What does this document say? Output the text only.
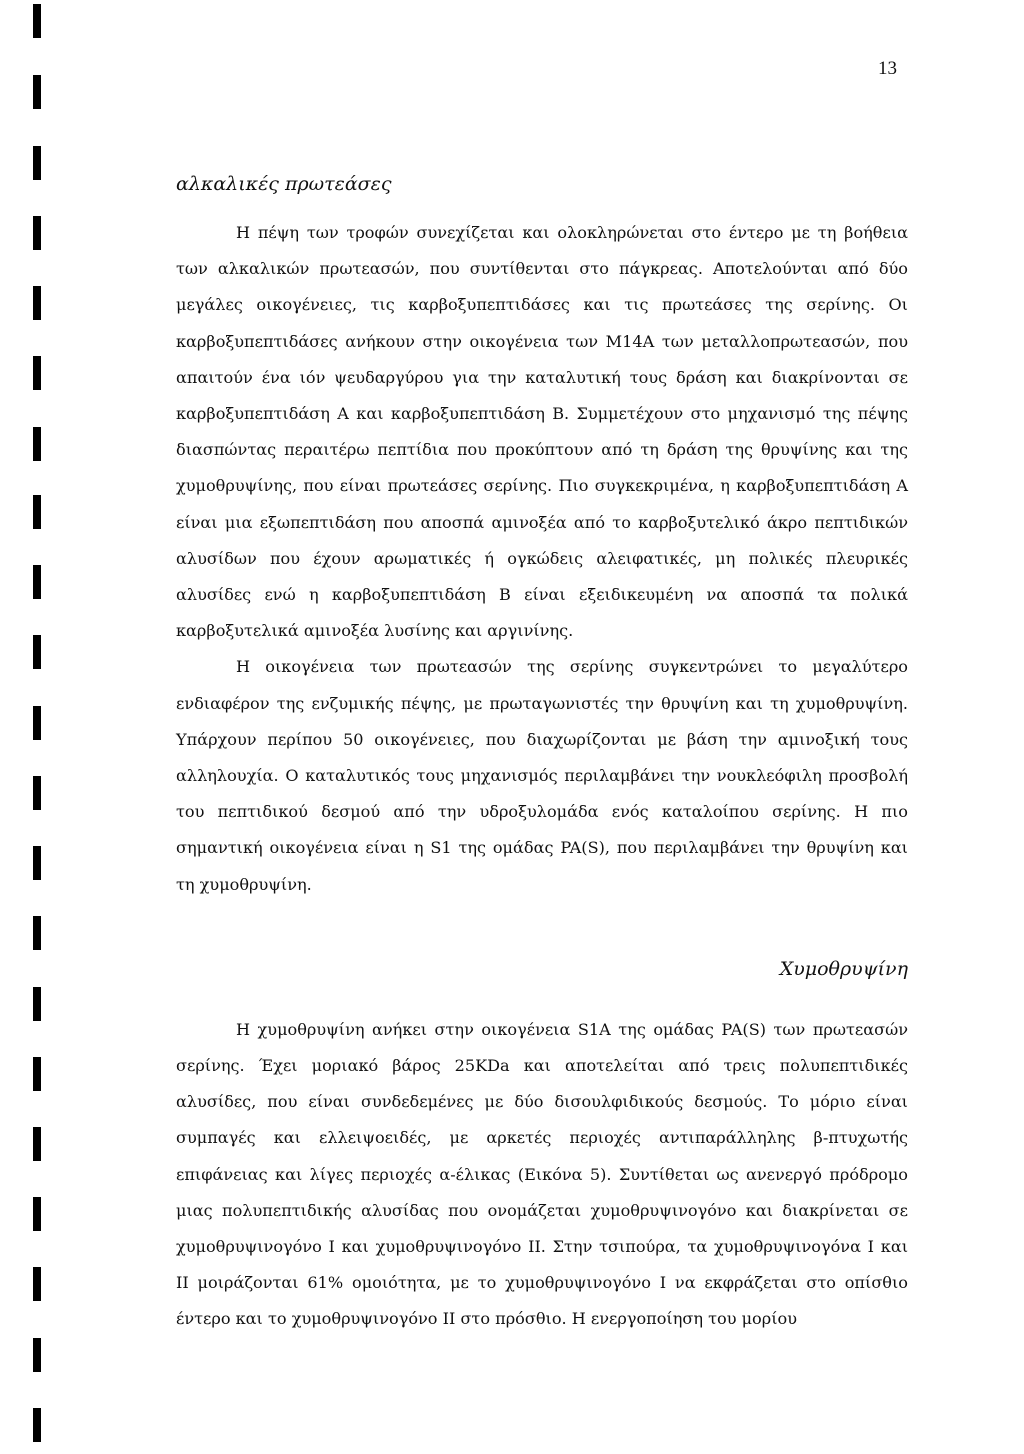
13
αλκαλικές πρωτεάσες

Η πέψη των τροφών συνεχίζεται και ολοκληρώνεται στο έντερο με τη βοήθεια των αλκαλικών πρωτεασών, που συντίθενται στο πάγκρεας. Αποτελούνται από δύο μεγάλες οικογένειες, τις καρβοξυπεπτιδάσες και τις πρωτεάσες της σερίνης. Οι καρβοξυπεπτιδάσες ανήκουν στην οικογένεια των Μ14Α των μεταλλοπρωτεασών, που απαιτούν ένα ιόν ψευδαργύρου για την καταλυτική τους δράση και διακρίνονται σε καρβοξυπεπτιδάση Α και καρβοξυπεπτιδάση Β. Συμμετέχουν στο μηχανισμό της πέψης διασπώντας περαιτέρω πεπτίδια που προκύπτουν από τη δράση της θρυψίνης και της χυμοθρυψίνης, που είναι πρωτεάσες σερίνης. Πιο συγκεκριμένα, η καρβοξυπεπτιδάση Α είναι μια εξωπεπτιδάση που αποσπά αμινοξέα από το καρβοξυτελικό άκρο πεπτιδικών αλυσίδων που έχουν αρωματικές ή ογκώδεις αλειφατικές, μη πολικές πλευρικές αλυσίδες ενώ η καρβοξυπεπτιδάση Β είναι εξειδικευμένη να αποσπά τα πολικά καρβοξυτελικά αμινοξέα λυσίνης και αργινίνης.

Η οικογένεια των πρωτεασών της σερίνης συγκεντρώνει το μεγαλύτερο ενδιαφέρον της ενζυμικής πέψης, με πρωταγωνιστές την θρυψίνη και τη χυμοθρυψίνη. Υπάρχουν περίπου 50 οικογένειες, που διαχωρίζονται με βάση την αμινοξική τους αλληλουχία. Ο καταλυτικός τους μηχανισμός περιλαμβάνει την νουκλεόφιλη προσβολή του πεπτιδικού δεσμού από την υδροξυλομάδα ενός καταλοίπου σερίνης. Η πιο σημαντική οικογένεια είναι η S1 της ομάδας PA(S), που περιλαμβάνει την θρυψίνη και τη χυμοθρυψίνη.

Χυμοθρυψίνη

Η χυμοθρυψίνη ανήκει στην οικογένεια S1A της ομάδας PA(S) των πρωτεασών σερίνης. Έχει μοριακό βάρος 25KDa και αποτελείται από τρεις πολυπεπτιδικές αλυσίδες, που είναι συνδεδεμένες με δύο δισουλφιδικούς δεσμούς. Το μόριο είναι συμπαγές και ελλειψοειδές, με αρκετές περιοχές αντιπαράλληλης β-πτυχωτής επιφάνειας και λίγες περιοχές α-έλικας (Εικόνα 5). Συντίθεται ως ανενεργό πρόδρομο μιας πολυπεπτιδικής αλυσίδας που ονομάζεται χυμοθρυψινογόνο και διακρίνεται σε χυμοθρυψινογόνο Ι και χυμοθρυψινογόνο ΙΙ. Στην τσιπούρα, τα χυμοθρυψινογόνα Ι και ΙΙ μοιράζονται 61% ομοιότητα, με το χυμοθρυψινογόνο Ι να εκφράζεται στο οπίσθιο έντερο και το χυμοθρυψινογόνο ΙΙ στο πρόσθιο. Η ενεργοποίηση του μορίου
